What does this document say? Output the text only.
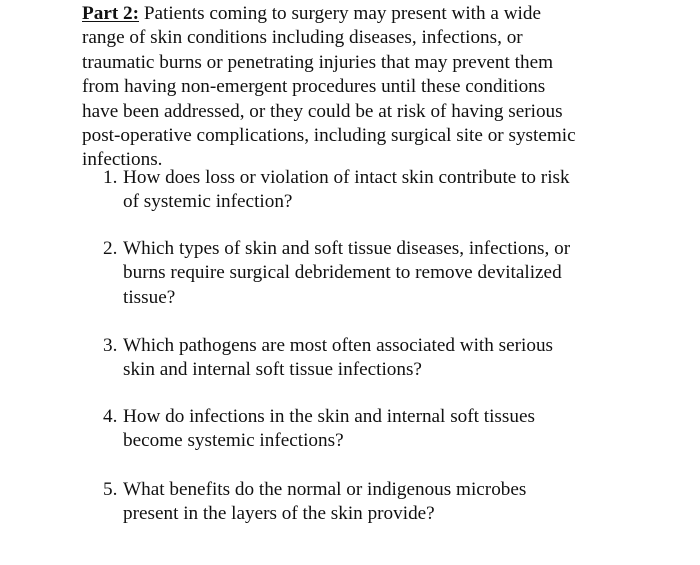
Part 2: Patients coming to surgery may present with a wide
range of skin conditions including diseases, infections, or
traumatic burns or penetrating injuries that may prevent them
from having non-emergent procedures until these conditions
have been addressed, or they could be at risk of having serious
post-operative complications, including surgical site or systemic
infections.
1. How does loss or violation of intact skin contribute to risk
of systemic infection?
2. Which types of skin and soft tissue diseases, infections, or
burns require surgical debridement to remove devitalized
tissue?
3. Which pathogens are most often associated with serious
skin and internal soft tissue infections?
4. How do infections in the skin and internal soft tissues
become systemic infections?
5. What benefits do the normal or indigenous microbes
present in the layers of the skin provide?
